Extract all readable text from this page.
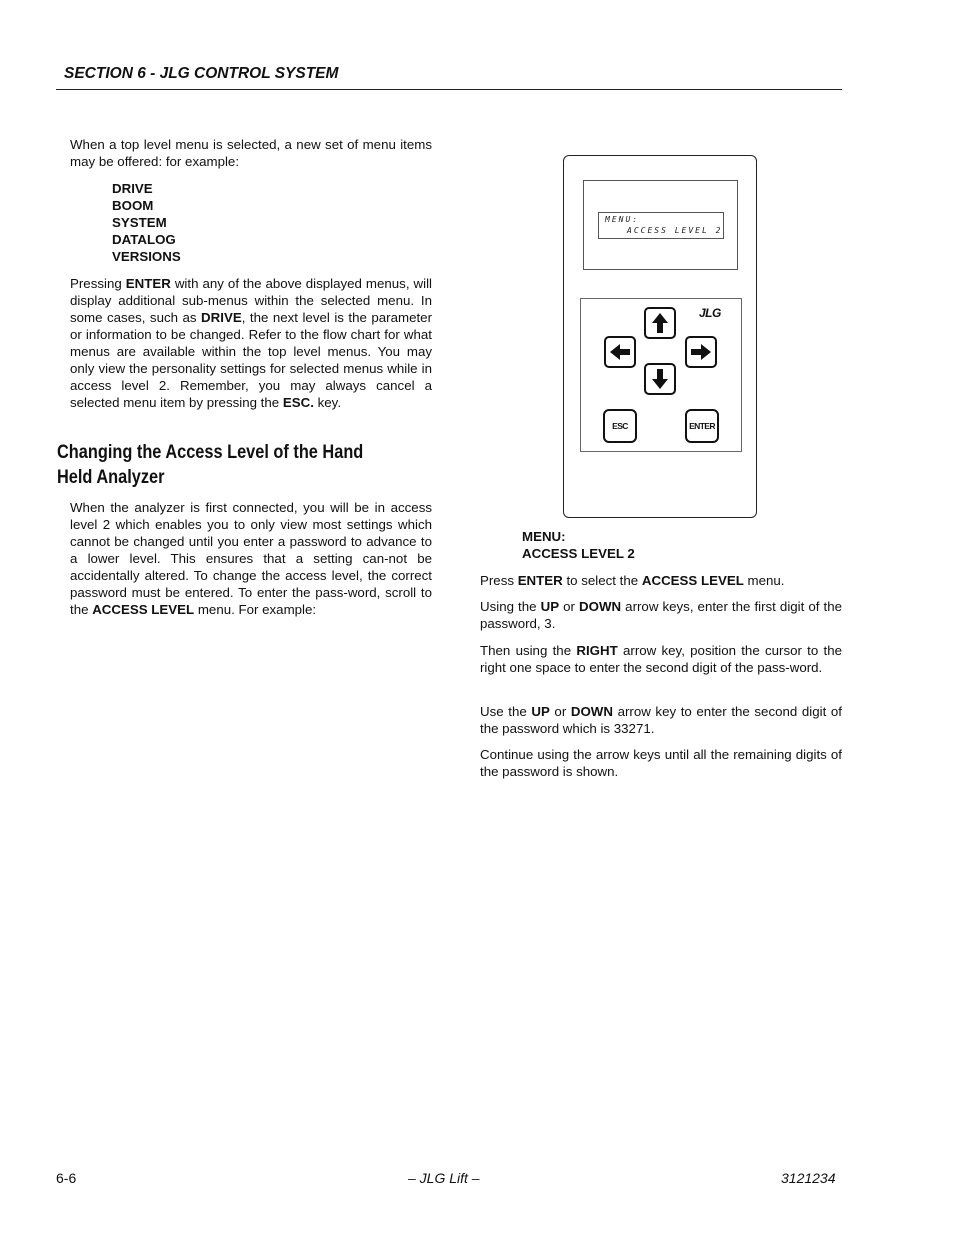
SECTION 6 - JLG CONTROL SYSTEM
When a top level menu is selected, a new set of menu items may be offered: for example:
DRIVE
BOOM
SYSTEM
DATALOG
VERSIONS
Pressing ENTER with any of the above displayed menus, will display additional sub-menus within the selected menu. In some cases, such as DRIVE, the next level is the parameter or information to be changed. Refer to the flow chart for what menus are available within the top level menus. You may only view the personality settings for selected menus while in access level 2. Remember, you may always cancel a selected menu item by pressing the ESC. key.
Changing the Access Level of the Hand Held Analyzer
When the analyzer is first connected, you will be in access level 2 which enables you to only view most settings which cannot be changed until you enter a password to advance to a lower level. This ensures that a setting can-not be accidentally altered. To change the access level, the correct password must be entered. To enter the pass-word, scroll to the ACCESS LEVEL menu. For example:
MENU:
ACCESS LEVEL 2
JLG
ESC	ENTER
MENU:
ACCESS LEVEL 2
Press ENTER to select the ACCESS LEVEL menu.
Using the UP or DOWN arrow keys, enter the first digit of the password, 3.
Then using the RIGHT arrow key, position the cursor to the right one space to enter the second digit of the pass-word.
Use the UP or DOWN arrow key to enter the second digit of the password which is 33271.
Continue using the arrow keys until all the remaining digits of the password is shown.
6-6	– JLG Lift –	3121234
